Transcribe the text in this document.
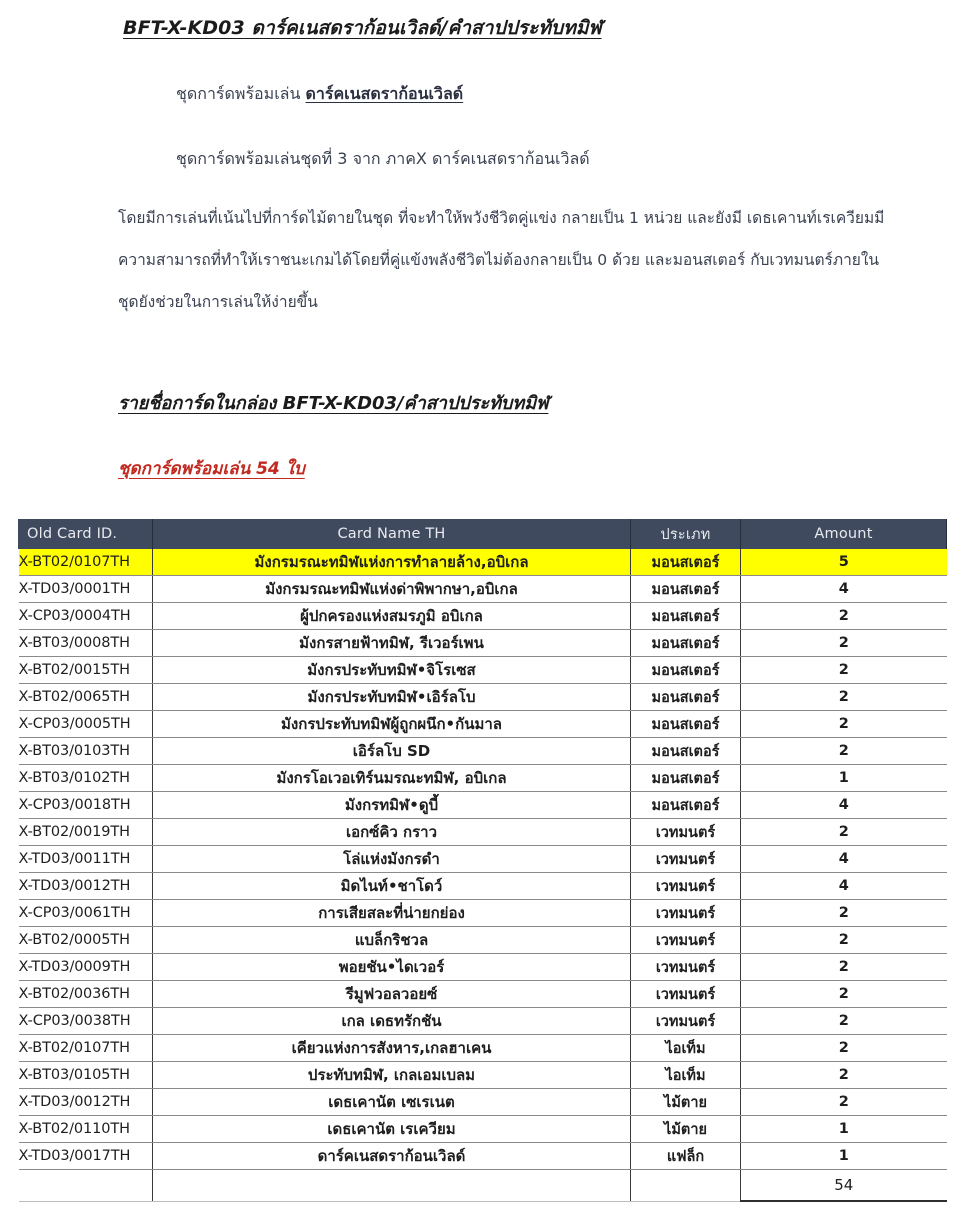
BFT-X-KD03 ดาร์คเนสดราก้อนเวิลด์/คำสาปประทับทมิฬ
ชุดการ์ดพร้อมเล่น ดาร์คเนสดราก้อนเวิลด์
ชุดการ์ดพร้อมเล่นชุดที่ 3 จาก ภาคX ดาร์คเนสดราก้อนเวิลด์
โดยมีการเล่นที่เน้นไปที่การ์ดไม้ตายในชุด ที่จะทำให้พวังชีวิตคู่แข่ง กลายเป็น 1 หน่วย และยังมี เดธเคานท์เรเควียมมีความสามารถที่ทำให้เราชนะเกมได้โดยที่คู่แข้งพลังชีวิตไม่ต้องกลายเป็น 0 ด้วย และมอนสเตอร์ กับเวทมนตร์ภายในชุดยังช่วยในการเล่นให้ง่ายขึ้น
รายชื่อการ์ดในกล่อง BFT-X-KD03/คำสาปประทับทมิฬ
ชุดการ์ดพร้อมเล่น 54 ใบ
Old Card ID.	Card Name TH	ประเภท	Amount
X-BT02/0107TH	มังกรมรณะทมิฬแห่งการทำลายล้าง,อบิเกล	มอนสเตอร์	5
X-TD03/0001TH	มังกรมรณะทมิฬแห่งด่าพิพากษา,อบิเกล	มอนสเตอร์	4
X-CP03/0004TH	ผู้ปกครองแห่งสมรภูมิ อบิเกล	มอนสเตอร์	2
X-BT03/0008TH	มังกรสายฟ้าทมิฬ, รีเวอร์เพน	มอนสเตอร์	2
X-BT02/0015TH	มังกรประทับทมิฬ•จิโรเซส	มอนสเตอร์	2
X-BT02/0065TH	มังกรประทับทมิฬ•เอิร์ลโบ	มอนสเตอร์	2
X-CP03/0005TH	มังกรประทับทมิฬผู้ถูกผนึก•กันมาล	มอนสเตอร์	2
X-BT03/0103TH	เอิร์ลโบ SD	มอนสเตอร์	2
X-BT03/0102TH	มังกรโอเวอเทิร์นมรณะทมิฬ, อบิเกล	มอนสเตอร์	1
X-CP03/0018TH	มังกรทมิฬ•ดูบี้	มอนสเตอร์	4
X-BT02/0019TH	เอกซ์คิว กราว	เวทมนตร์	2
X-TD03/0011TH	โล่แห่งมังกรดำ	เวทมนตร์	4
X-TD03/0012TH	มิดไนท์•ชาโดว์	เวทมนตร์	4
X-CP03/0061TH	การเสียสละที่น่ายกย่อง	เวทมนตร์	2
X-BT02/0005TH	แบล็กริชวล	เวทมนตร์	2
X-TD03/0009TH	พอยชัน•ไดเวอร์	เวทมนตร์	2
X-BT02/0036TH	รีมูฟวอลวอยซ์	เวทมนตร์	2
X-CP03/0038TH	เกล เดธทรักชัน	เวทมนตร์	2
X-BT02/0107TH	เคียวแห่งการสังหาร,เกลฮาเคน	ไอเท็ม	2
X-BT03/0105TH	ประทับทมิฬ, เกลเอมเบลม	ไอเท็ม	2
X-TD03/0012TH	เดธเคานัต เซเรเนต	ไม้ตาย	2
X-BT02/0110TH	เดธเคานัต เรเควียม	ไม้ตาย	1
X-TD03/0017TH	ดาร์คเนสดราก้อนเวิลด์	แฟล็ก	1
			54
